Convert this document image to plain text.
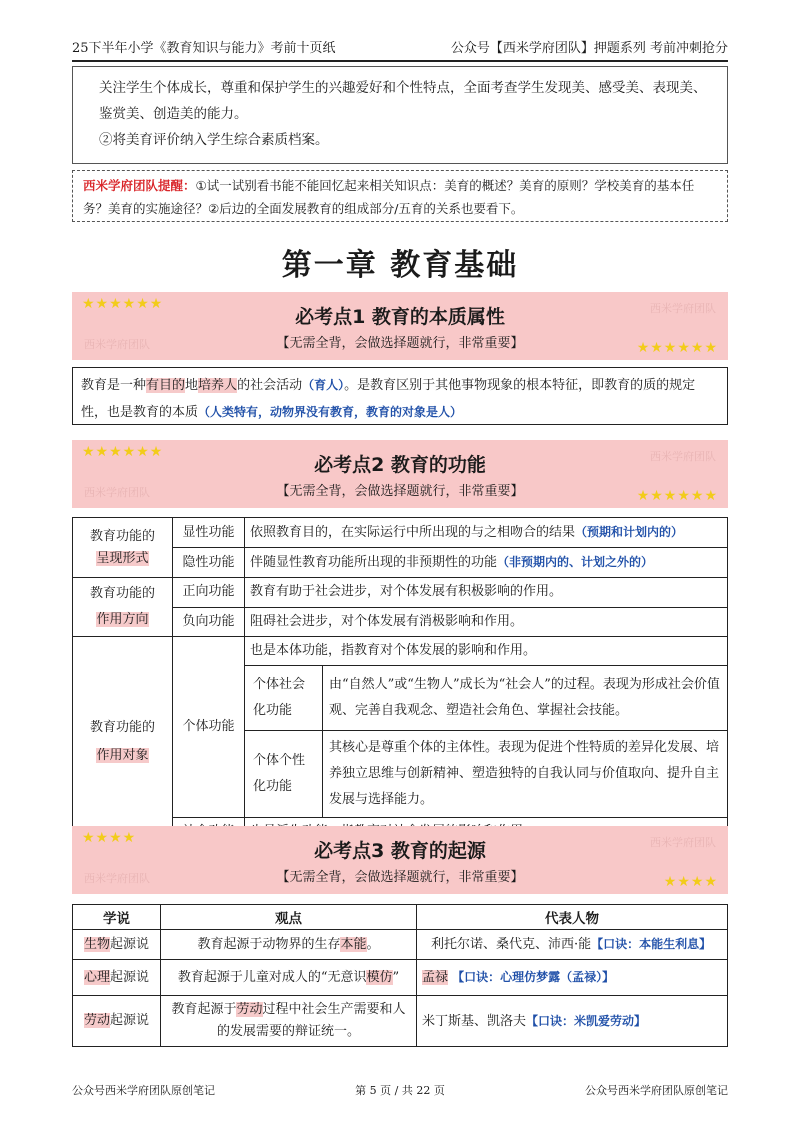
25下半年小学《教育知识与能力》考前十页纸	公众号【西米学府团队】押题系列 考前冲刺抢分

关注学生个体成长，尊重和保护学生的兴趣爱好和个性特点，全面考查学生发现美、感受美、表现美、鉴赏美、创造美的能力。

②将美育评价纳入学生综合素质档案。

西米学府团队提醒：①试一试别看书能不能回忆起来相关知识点：美育的概述？美育的原则？学校美育的基本任务？美育的实施途径？②后边的全面发展教育的组成部分/五育的关系也要看下。
第一章 教育基础
★★★★★★	西米学府团队
必考点1 教育的本质属性
西米学府团队	【无需全背，会做选择题就行，非常重要】	★★★★★★
教育是一种有目的地培养人的社会活动（育人）。是教育区别于其他事物现象的根本特征，即教育的质的规定性，也是教育的本质（人类特有，动物界没有教育，教育的对象是人）
★★★★★★	西米学府团队
必考点2 教育的功能
西米学府团队	【无需全背，会做选择题就行，非常重要】	★★★★★★
教育功能的
呈现形式	显性功能	依照教育目的，在实际运行中所出现的与之相吻合的结果（预期和计划内的）	
	隐性功能	伴随显性教育功能所出现的非预期性的功能（非预期内的、计划之外的）	
教育功能的
作用方向	正向功能	教育有助于社会进步，对个体发展有积极影响的作用。	
	负向功能	阻碍社会进步，对个体发展有消极影响和作用。	
教育功能的
作用对象	个体功能	也是本体功能，指教育对个体发展的影响和作用。	
		个体社会化功能	由“自然人”或“生物人”成长为“社会人”的过程。表现为形成社会价值观、完善自我观念、塑造社会角色、掌握社会技能。
		个体个性化功能	其核心是尊重个体的主体性。表现为促进个性特质的差异化发展、培养独立思维与创新精神、塑造独特的自我认同与价值取向、提升自主发展与选择能力。

★★★★	西米学府团队
必考点3 教育的起源
西米学府团队	【无需全背，会做选择题就行，非常重要】	★★★★
学说	观点	代表人物
生物起源说	教育起源于动物界的生存本能。	利托尔诺、桑代克、沛西·能【口诀：本能生利息】
心理起源说	教育起源于儿童对成人的“无意识模仿”	孟禄 【口诀：心理仿梦露（孟禄）】
劳动起源说	教育起源于劳动过程中社会生产需要和人的发展需要的辩证统一。	米丁斯基、凯洛夫【口诀：米凯爱劳动】
公众号西米学府团队原创笔记	第 5 页 / 共 22 页	公众号西米学府团队原创笔记
